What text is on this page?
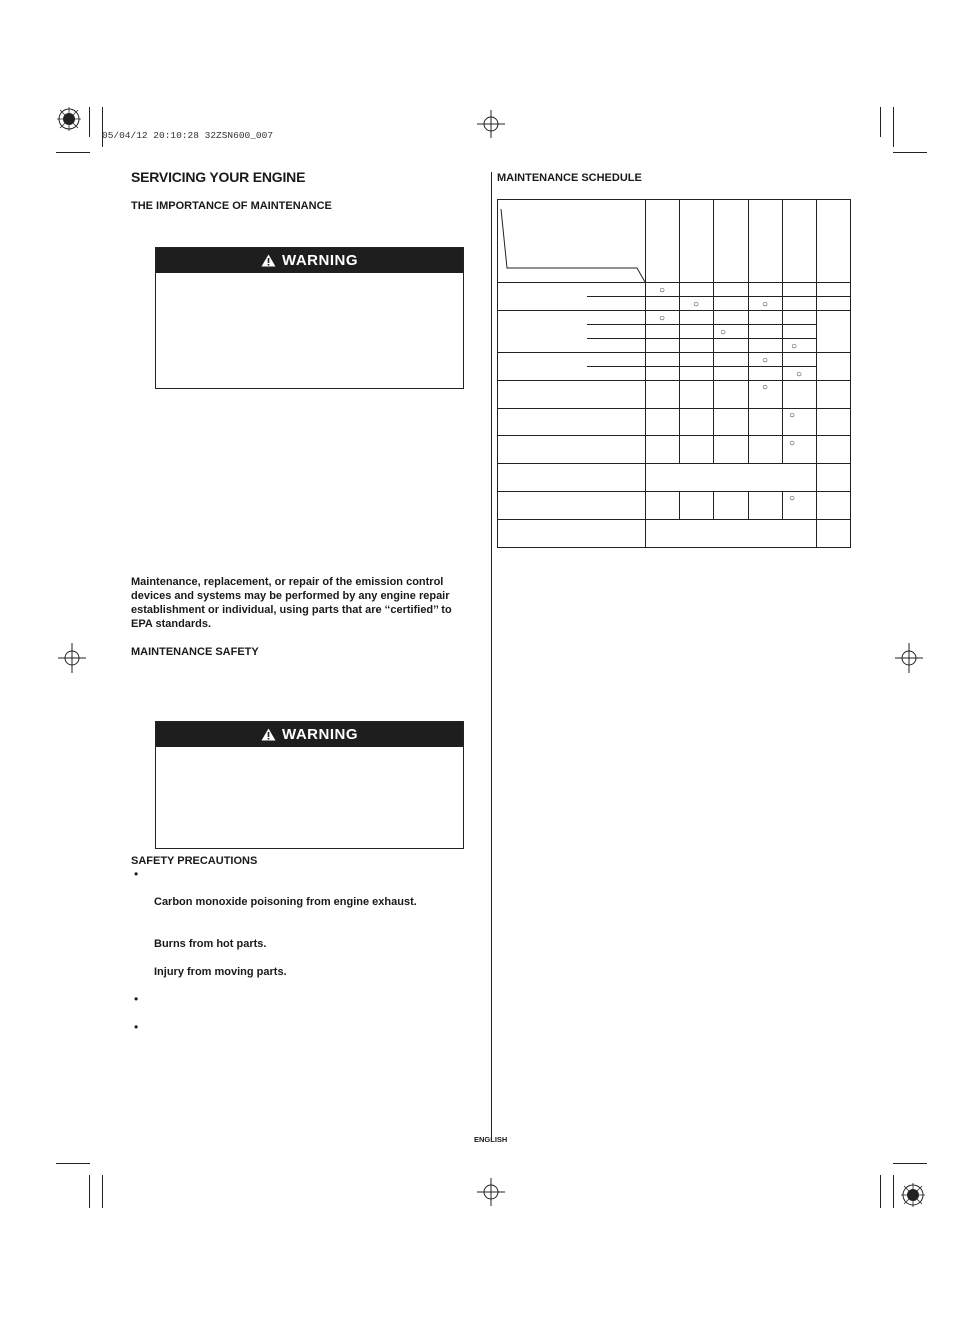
05/04/12 20:10:28 32ZSN600_007
SERVICING YOUR ENGINE
THE IMPORTANCE OF MAINTENANCE
WARNING
Maintenance, replacement, or repair of the emission control
devices and systems may be performed by any engine repair
establishment or individual, using parts that are ‘‘certified’’ to
EPA standards.
MAINTENANCE SAFETY
WARNING
SAFETY PRECAUTIONS
•
Carbon monoxide poisoning from engine exhaust.
Burns from hot parts.
Injury from moving parts.
•
•
MAINTENANCE SCHEDULE
○
○	○
○
○
○
○
○
○
○
○
○
ENGLISH
